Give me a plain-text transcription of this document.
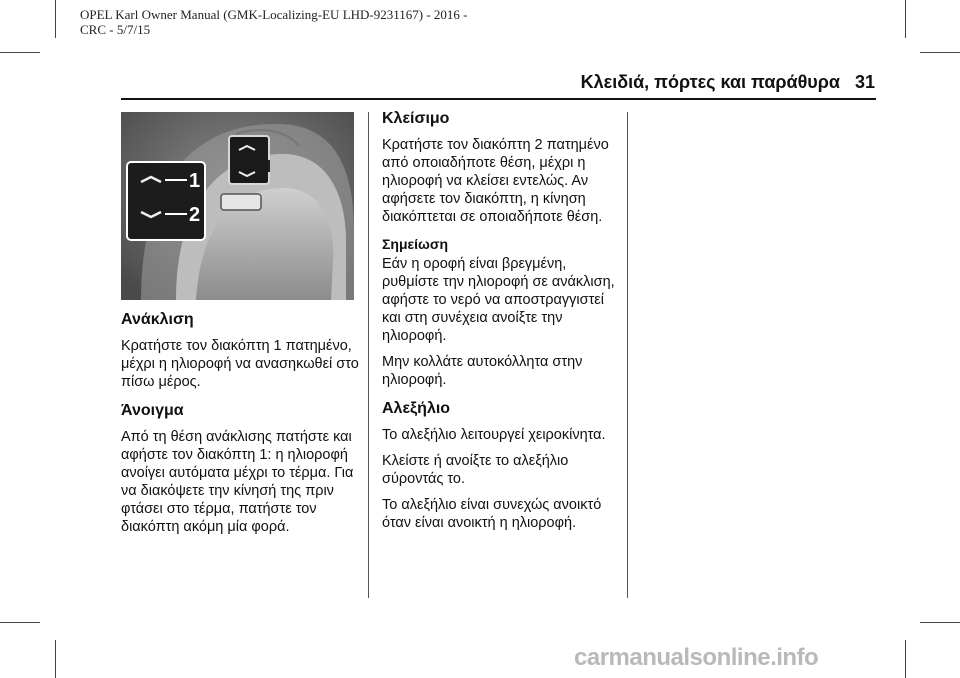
OPEL Karl Owner Manual (GMK-Localizing-EU LHD-9231167) - 2016 -
CRC - 5/7/15
Κλειδιά, πόρτες και παράθυρα 31
1
2
Ανάκλιση

Κρατήστε τον διακόπτη 1 πατημένο, μέχρι η ηλιοροφή να ανασηκωθεί στο πίσω μέρος.

Άνοιγμα

Από τη θέση ανάκλισης πατήστε και αφήστε τον διακόπτη 1: η ηλιοροφή ανοίγει αυτόματα μέχρι το τέρμα. Για να διακόψετε την κίνησή της πριν φτάσει στο τέρμα, πατήστε τον διακόπτη ακόμη μία φορά.

Κλείσιμο

Κρατήστε τον διακόπτη 2 πατημένο από οποιαδήποτε θέση, μέχρι η ηλιοροφή να κλείσει εντελώς. Αν αφήσετε τον διακόπτη, η κίνηση διακόπτεται σε οποιαδήποτε θέση.

Σημείωση

Εάν η οροφή είναι βρεγμένη, ρυθμίστε την ηλιοροφή σε ανάκλιση, αφήστε το νερό να αποστραγγιστεί και στη συνέχεια ανοίξτε την ηλιοροφή.

Μην κολλάτε αυτοκόλλητα στην ηλιοροφή.

Αλεξήλιο

Το αλεξήλιο λειτουργεί χειροκίνητα.

Κλείστε ή ανοίξτε το αλεξήλιο σύροντάς το.

Το αλεξήλιο είναι συνεχώς ανοικτό όταν είναι ανοικτή η ηλιοροφή.

carmanualsonline.info
